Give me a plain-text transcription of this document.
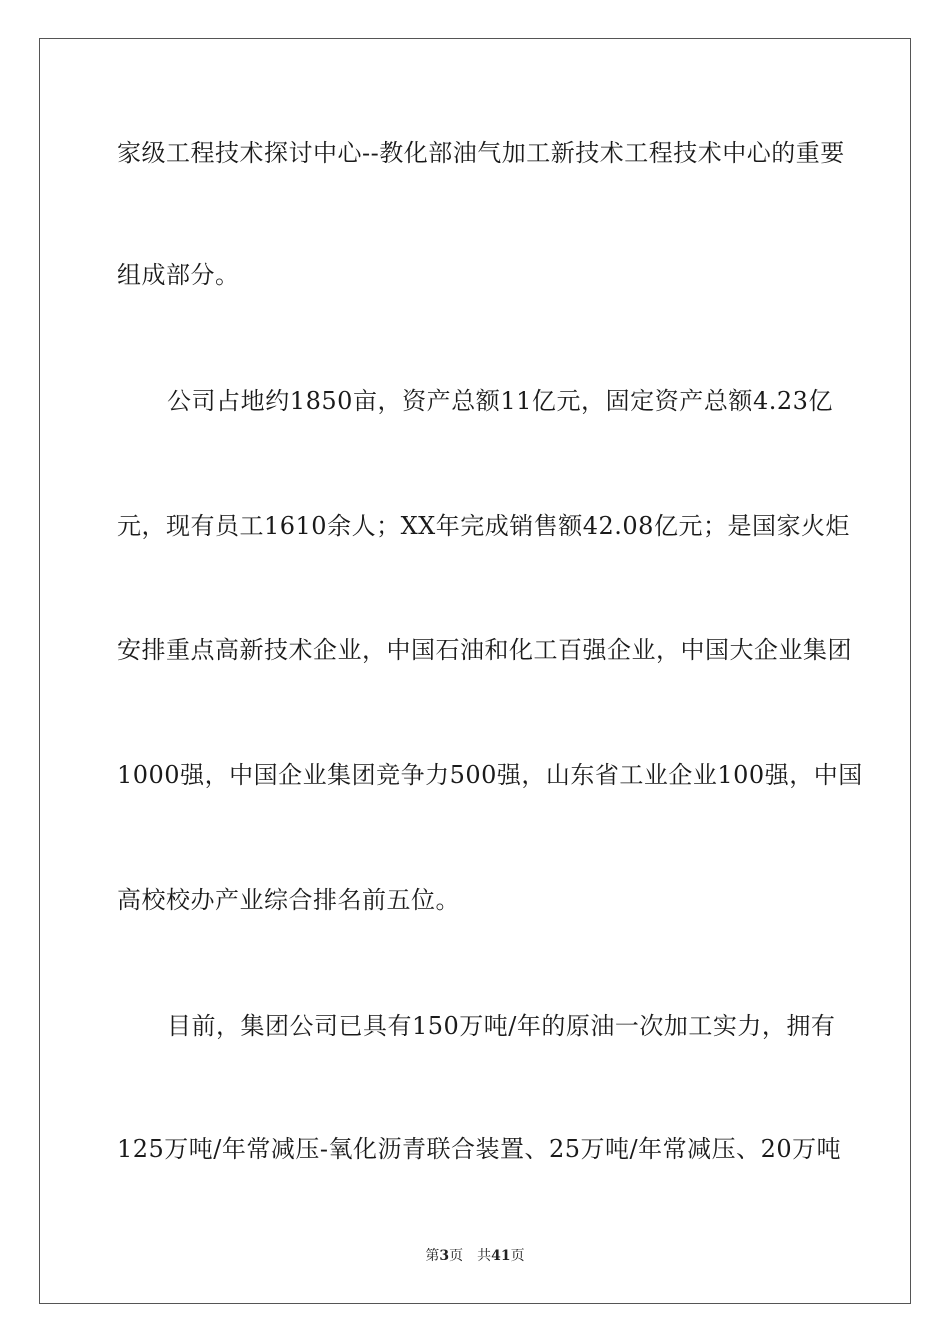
家级工程技术探讨中心--教化部油气加工新技术工程技术中心的重要
组成部分。
公司占地约1850亩，资产总额11亿元，固定资产总额4.23亿
元，现有员工1610余人；XX年完成销售额42.08亿元；是国家火炬
安排重点高新技术企业，中国石油和化工百强企业，中国大企业集团
1000强，中国企业集团竞争力500强，山东省工业企业100强，中国
高校校办产业综合排名前五位。
目前，集团公司已具有150万吨/年的原油一次加工实力，拥有
125万吨/年常减压-氧化沥青联合装置、25万吨/年常减压、20万吨
第3页 共41页
